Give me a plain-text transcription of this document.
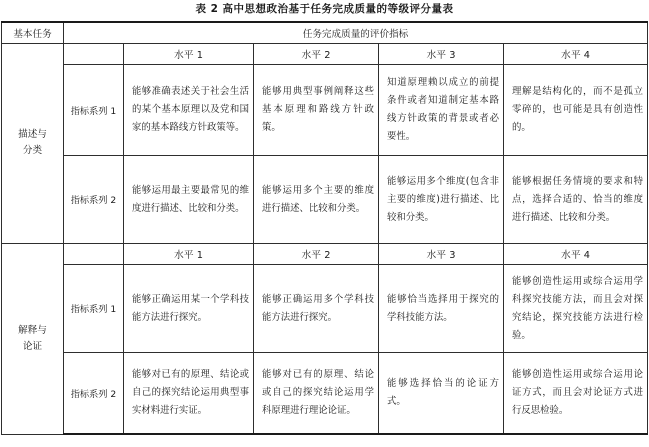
表 2 高中思想政治基于任务完成质量的等级评分量表
基本任务	任务完成质量的评价指标				

描述与
分类		水平 1	水平 2	水平 3	水平 4
	指标系列 1	能够准确表述关于社会生活的某个基本原理以及党和国家的基本路线方针政策等。	能够用典型事例阐释这些基本原理和路线方针政策。	知道原理赖以成立的前提条件或者知道制定基本路线方针政策的背景或者必要性。	理解是结构化的，而不是孤立零碎的，也可能是具有创造性的。
	指标系列 2	能够运用最主要最常见的维度进行描述、比较和分类。	能够运用多个主要的维度进行描述、比较和分类。	能够运用多个维度(包含非主要的维度)进行描述、比较和分类。	能够根据任务情境的要求和特点，选择合适的、恰当的维度进行描述、比较和分类。

解释与
论证		水平 1	水平 2	水平 3	水平 4
	指标系列 1	能够正确运用某一个学科技能方法进行探究。	能够正确运用多个学科技能方法进行探究。	能够恰当选择用于探究的学科技能方法。	能够创造性运用或综合运用学科探究技能方法，而且会对探究结论，探究技能方法进行检验。
	指标系列 2	能够对已有的原理、结论或自己的探究结论运用典型事实材料进行实证。	能够对已有的原理、结论或自己的探究结论运用学科原理进行理论论证。	能够选择恰当的论证方式。	能够创造性运用或综合运用论证方式，而且会对论证方式进行反思检验。
